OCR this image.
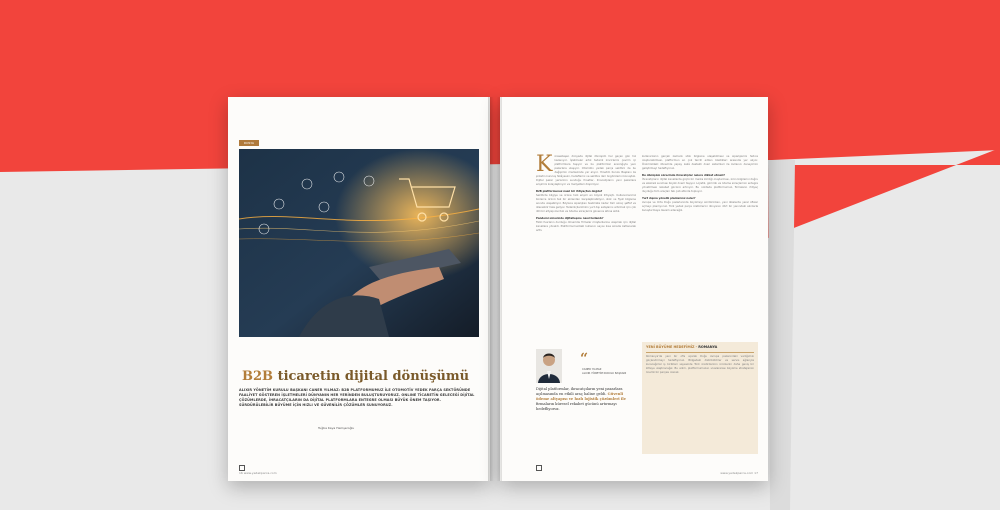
DOSYA
B2B ticaretin dijital dönüşümü
ALIXIR YÖNETİM KURULU BAŞKANI CANER YILMAZ: B2B PLATFORMUMUZ İLE OTOMOTİV YEDEK PARÇA SEKTÖRÜNDE FAALİYET GÖSTEREN İŞLETMELERİ DÜNYANIN HER YERİNDEN BULUŞTURUYORUZ. ONLINE TİCARETİN GELECEĞİ DİJİTAL ÇÖZÜMLERDE, İHRACATÇILARIN DA DİJİTAL PLATFORMLARA ENTEGRE OLMASI BÜYÜK ÖNEM TAŞIYOR. SÜRDÜRÜLEBİLİR BÜYÜME İÇİN HIZLI VE GÜVENİLİR ÇÖZÜMLER SUNUYORUZ.
Tuğba Kaya Hemşeroğlu
16 www.yedekparca.com
Küreselleşen dünyada dijital dönüşüm her geçen gün hız kazanıyor. İşletmeler artık tedarik zincirlerini çevrim içi platformlara taşıyor ve bu platformlar aracılığıyla yeni pazarlara ulaşıyor. Otomotiv yedek parça sektörü de bu değişimin merkezinde yer alıyor. Yönetim Kurulu Başkanı ile şirketin kuruluş hikâyesini, hedeflerini ve sektöre dair öngörülerini konuştuk. Dijital pazar yerlerinin sunduğu fırsatlar, ihracatçıların yeni pazarlara erişimini kolaylaştırıyor ve maliyetleri düşürüyor.
B2B platformunuz nasıl bir ihtiyaçtan doğdu?
Sektörde bilgiye ve ürüne hızlı erişim en büyük ihtiyaçtı. Kullanıcılarımız binlerce ürünü tek bir ekrandan karşılaştırabiliyor, stok ve fiyat bilgisine anında ulaşabiliyor. Böylece siparişten teslimata kadar tüm süreç şeffaf ve izlenebilir hale geliyor. Tedarikçilerimizin yurt dışı satışlarını artırmak için çok dilli bir altyapı kurduk ve ödeme süreçlerini güvence altına aldık.
Pandemi sürecinde dijitalleşme nasıl hızlandı?
Fiziki fuarların durduğu dönemde firmalar müşterilerine ulaşmak için dijital kanallara yöneldi. Platformumuzdaki kullanıcı sayısı kısa sürede katlanarak arttı.
kullanıcıların gerçek zamanlı stok bilgisine ulaşabilmesi ve siparişlerini hızlıca oluşturabilmesi, platformun en çok tercih edilen özellikleri arasında yer alıyor. Önümüzdeki dönemde yapay zekâ destekli öneri sistemleri ile kullanıcı deneyimini geliştirmeyi hedefliyoruz.
Bu dönüşüm sürecinde ihracatçılar nelere dikkat etmeli?
İhracatçıların dijital kanallarda güçlü bir marka kimliği oluşturması, ürün bilgilerini doğru ve eksiksiz sunması büyük önem taşıyor. Lojistik, gümrük ve ödeme süreçlerinin entegre yönetilmesi rekabet gücünü artırıyor. Bu noktada platformumuz, firmaların ihtiyaç duyduğu tüm araçları tek çatı altında topluyor.
Yurt dışına yönelik planlarınız neler?
Avrupa ve Orta Doğu pazarlarında büyümeyi sürdürürken, yeni ülkelerde yerel ofisler açmayı planlıyoruz. Türk yedek parça üreticilerini dünyanın dört bir yanındaki alıcılarla buluşturmaya devam edeceğiz.
“
CANER YILMAZ
ALIXIR YÖNETİM KURULU BAŞKANI
Dijital platformlar, ihracatçıların yeni pazarlara açılmasında en etkili araç haline geldi. Güvenli ödeme altyapısı ve hızlı lojistik çözümleri ile firmaların küresel rekabet gücünü artırmayı hedefliyoruz.
YENİ BÜYÜME HEDEFİMİZ - ROMANYA
Romanya'da yeni bir ofis açarak Doğu Avrupa pazarındaki varlığımızı güçlendirmeyi hedefliyoruz. Bölgedeki distribütörler ve servis ağlarıyla kuracağımız iş birlikleri sayesinde Türk üreticilerinin ürünlerini daha geniş bir kitleye ulaştıracağız. Bu adım, platformumuzun uluslararası büyüme stratejisinin önemli bir parçası olacak.
www.yedekparca.com 17
